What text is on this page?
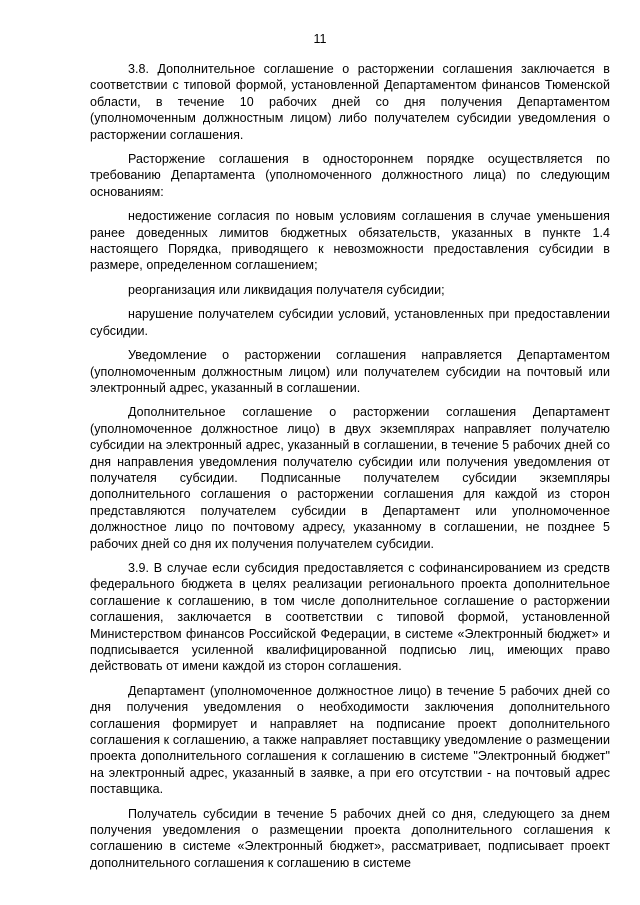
11

3.8. Дополнительное соглашение о расторжении соглашения заключается в соответствии с типовой формой, установленной Департаментом финансов Тюменской области, в течение 10 рабочих дней со дня получения Департаментом (уполномоченным должностным лицом) либо получателем субсидии уведомления о расторжении соглашения.

Расторжение соглашения в одностороннем порядке осуществляется по требованию Департамента (уполномоченного должностного лица) по следующим основаниям:

недостижение согласия по новым условиям соглашения в случае уменьшения ранее доведенных лимитов бюджетных обязательств, указанных в пункте 1.4 настоящего Порядка, приводящего к невозможности предоставления субсидии в размере, определенном соглашением;

реорганизация или ликвидация получателя субсидии;

нарушение получателем субсидии условий, установленных при предоставлении субсидии.

Уведомление о расторжении соглашения направляется Департаментом (уполномоченным должностным лицом) или получателем субсидии на почтовый или электронный адрес, указанный в соглашении.

Дополнительное соглашение о расторжении соглашения Департамент (уполномоченное должностное лицо) в двух экземплярах направляет получателю субсидии на электронный адрес, указанный в соглашении, в течение 5 рабочих дней со дня направления уведомления получателю субсидии или получения уведомления от получателя субсидии. Подписанные получателем субсидии экземпляры дополнительного соглашения о расторжении соглашения для каждой из сторон представляются получателем субсидии в Департамент или уполномоченное должностное лицо по почтовому адресу, указанному в соглашении, не позднее 5 рабочих дней со дня их получения получателем субсидии.

3.9. В случае если субсидия предоставляется с софинансированием из средств федерального бюджета в целях реализации регионального проекта дополнительное соглашение к соглашению, в том числе дополнительное соглашение о расторжении соглашения, заключается в соответствии с типовой формой, установленной Министерством финансов Российской Федерации, в системе «Электронный бюджет» и подписывается усиленной квалифицированной подписью лиц, имеющих право действовать от имени каждой из сторон соглашения.

Департамент (уполномоченное должностное лицо) в течение 5 рабочих дней со дня получения уведомления о необходимости заключения дополнительного соглашения формирует и направляет на подписание проект дополнительного соглашения к соглашению, а также направляет поставщику уведомление о размещении проекта дополнительного соглашения к соглашению в системе "Электронный бюджет" на электронный адрес, указанный в заявке, а при его отсутствии - на почтовый адрес поставщика.

Получатель субсидии в течение 5 рабочих дней со дня, следующего за днем получения уведомления о размещении проекта дополнительного соглашения к соглашению в системе «Электронный бюджет», рассматривает, подписывает проект дополнительного соглашения к соглашению в системе
